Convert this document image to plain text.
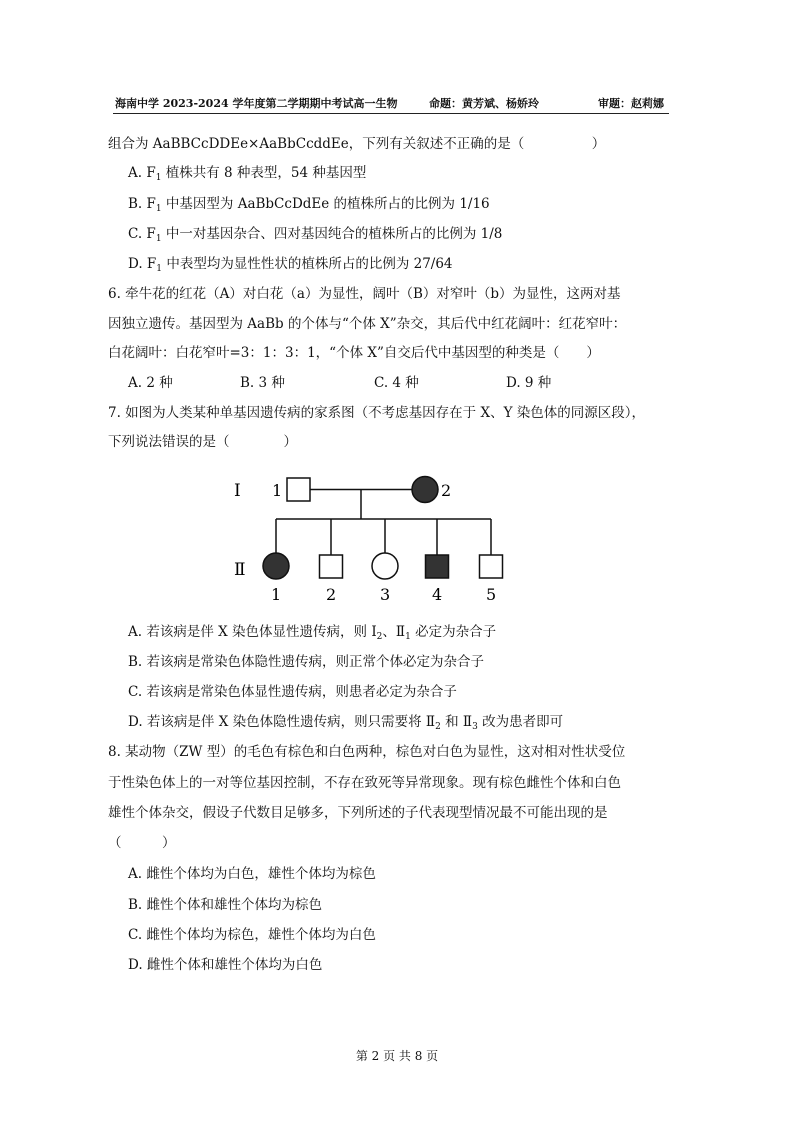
海南中学 2023-2024 学年度第二学期期中考试高一生物	命题：黄芳斌、杨娇玲	审题：赵莉娜
组合为 AaBBCcDDEe×AaBbCcddEe，下列有关叙述不正确的是（　　　　　）
A. $F_1$ 植株共有 8 种表型，54 种基因型
B. $F_1$ 中基因型为 AaBbCcDdEe 的植株所占的比例为 1/16
C. $F_1$ 中一对基因杂合、四对基因纯合的植株所占的比例为 1/8
D. $F_1$ 中表型均为显性性状的植株所占的比例为 27/64
6. 牵牛花的红花（A）对白花（a）为显性，阔叶（B）对窄叶（b）为显性，这两对基
因独立遗传。基因型为 AaBb 的个体与“个体 X”杂交，其后代中红花阔叶：红花窄叶：
白花阔叶：白花窄叶=3：1：3：1，“个体 X”自交后代中基因型的种类是（　　）
A. 2 种	B. 3 种	C. 4 种	D. 9 种
7. 如图为人类某种单基因遗传病的家系图（不考虑基因存在于 X、Y 染色体的同源区段），
下列说法错误的是（　　　　）
Ⅰ
Ⅱ
1	2
1	2	3	4	5
A. 若该病是伴 X 染色体显性遗传病，则 $Ⅰ_2$、$Ⅱ_1$ 必定为杂合子
B. 若该病是常染色体隐性遗传病，则正常个体必定为杂合子
C. 若该病是常染色体显性遗传病，则患者必定为杂合子
D. 若该病是伴 X 染色体隐性遗传病，则只需要将 $Ⅱ_2$ 和 $Ⅱ_3$ 改为患者即可
8. 某动物（ZW 型）的毛色有棕色和白色两种，棕色对白色为显性，这对相对性状受位
于性染色体上的一对等位基因控制，不存在致死等异常现象。现有棕色雌性个体和白色
雄性个体杂交，假设子代数目足够多，下列所述的子代表现型情况最不可能出现的是
（　　　）
A. 雌性个体均为白色，雄性个体均为棕色
B. 雌性个体和雄性个体均为棕色
C. 雌性个体均为棕色，雄性个体均为白色
D. 雌性个体和雄性个体均为白色
第 2 页 共 8 页
